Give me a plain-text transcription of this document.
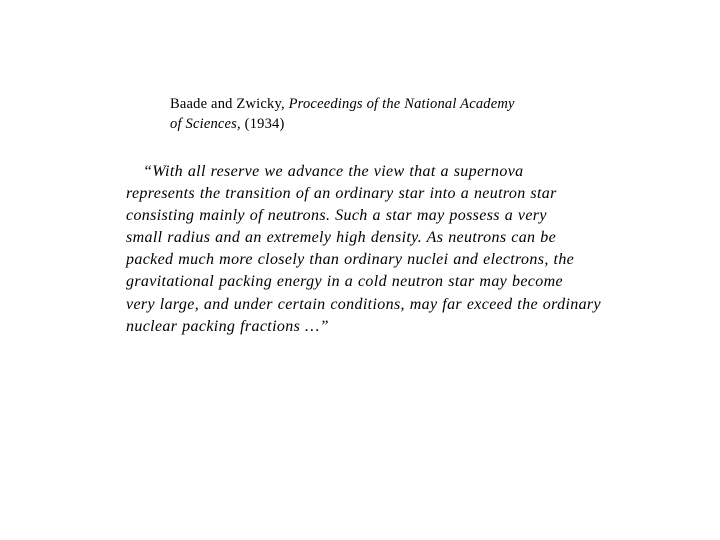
Baade and Zwicky, Proceedings of the National Academy
of Sciences, (1934)
“With all reserve we advance the view that a supernova
represents the transition of an ordinary star into a neutron star
consisting mainly of neutrons. Such a star may possess a very
small radius and an extremely high density. As neutrons can be
packed much more closely than ordinary nuclei and electrons, the
gravitational packing energy in a cold neutron star may become
very large, and under certain conditions, may far exceed the ordinary
nuclear packing fractions …”
